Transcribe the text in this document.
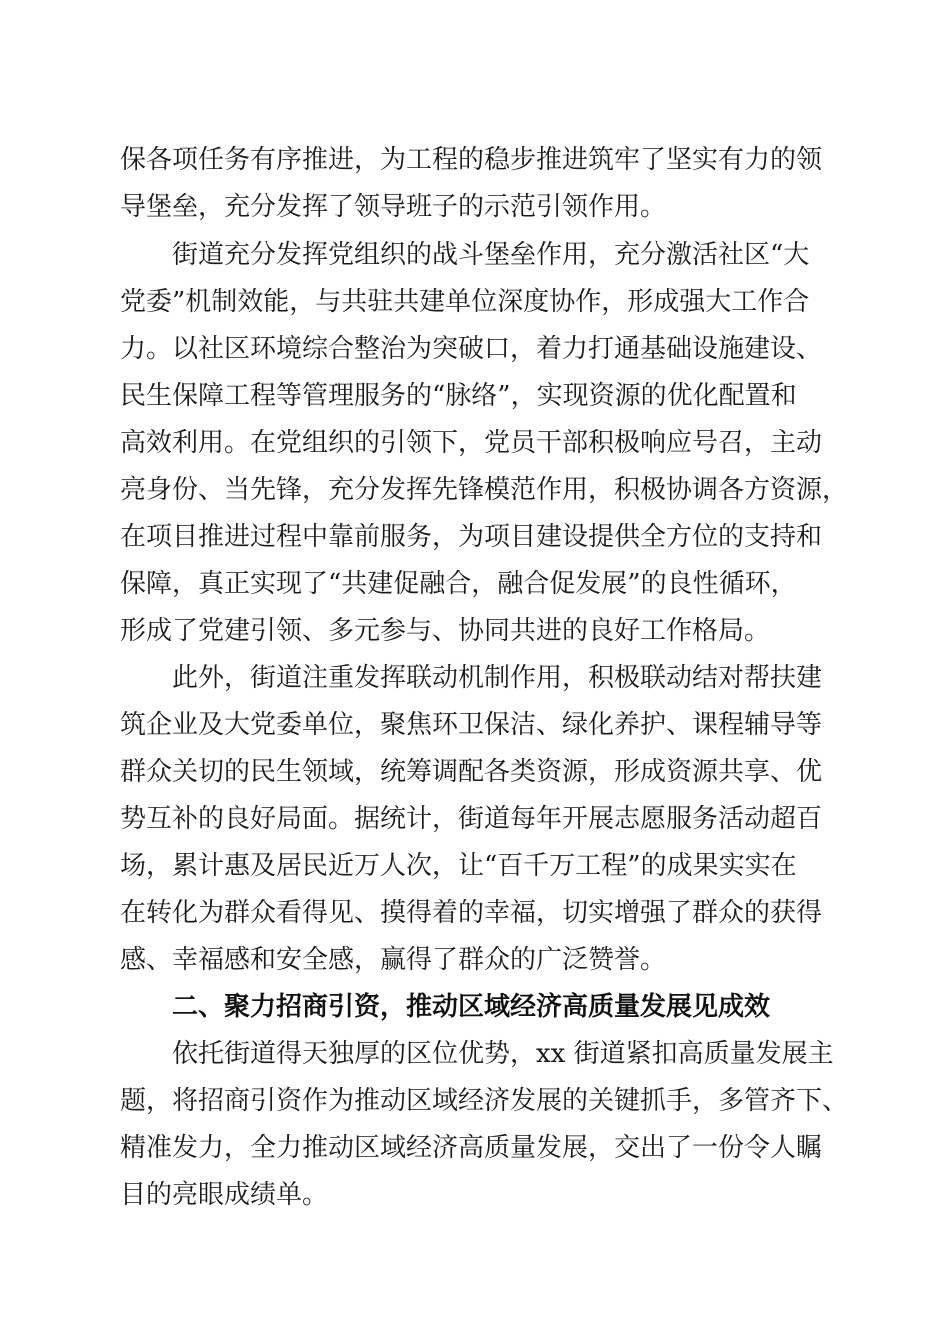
保各项任务有序推进，为工程的稳步推进筑牢了坚实有力的领
导堡垒，充分发挥了领导班子的示范引领作用。
街道充分发挥党组织的战斗堡垒作用，充分激活社区“大
党委”机制效能，与共驻共建单位深度协作，形成强大工作合
力。以社区环境综合整治为突破口，着力打通基础设施建设、
民生保障工程等管理服务的“脉络”，实现资源的优化配置和
高效利用。在党组织的引领下，党员干部积极响应号召，主动
亮身份、当先锋，充分发挥先锋模范作用，积极协调各方资源，
在项目推进过程中靠前服务，为项目建设提供全方位的支持和
保障，真正实现了“共建促融合，融合促发展”的良性循环，
形成了党建引领、多元参与、协同共进的良好工作格局。
此外，街道注重发挥联动机制作用，积极联动结对帮扶建
筑企业及大党委单位，聚焦环卫保洁、绿化养护、课程辅导等
群众关切的民生领域，统筹调配各类资源，形成资源共享、优
势互补的良好局面。据统计，街道每年开展志愿服务活动超百
场，累计惠及居民近万人次，让“百千万工程”的成果实实在
在转化为群众看得见、摸得着的幸福，切实增强了群众的获得
感、幸福感和安全感，赢得了群众的广泛赞誉。
二、聚力招商引资，推动区域经济高质量发展见成效
依托街道得天独厚的区位优势，xx 街道紧扣高质量发展主
题，将招商引资作为推动区域经济发展的关键抓手，多管齐下、
精准发力，全力推动区域经济高质量发展，交出了一份令人瞩
目的亮眼成绩单。
